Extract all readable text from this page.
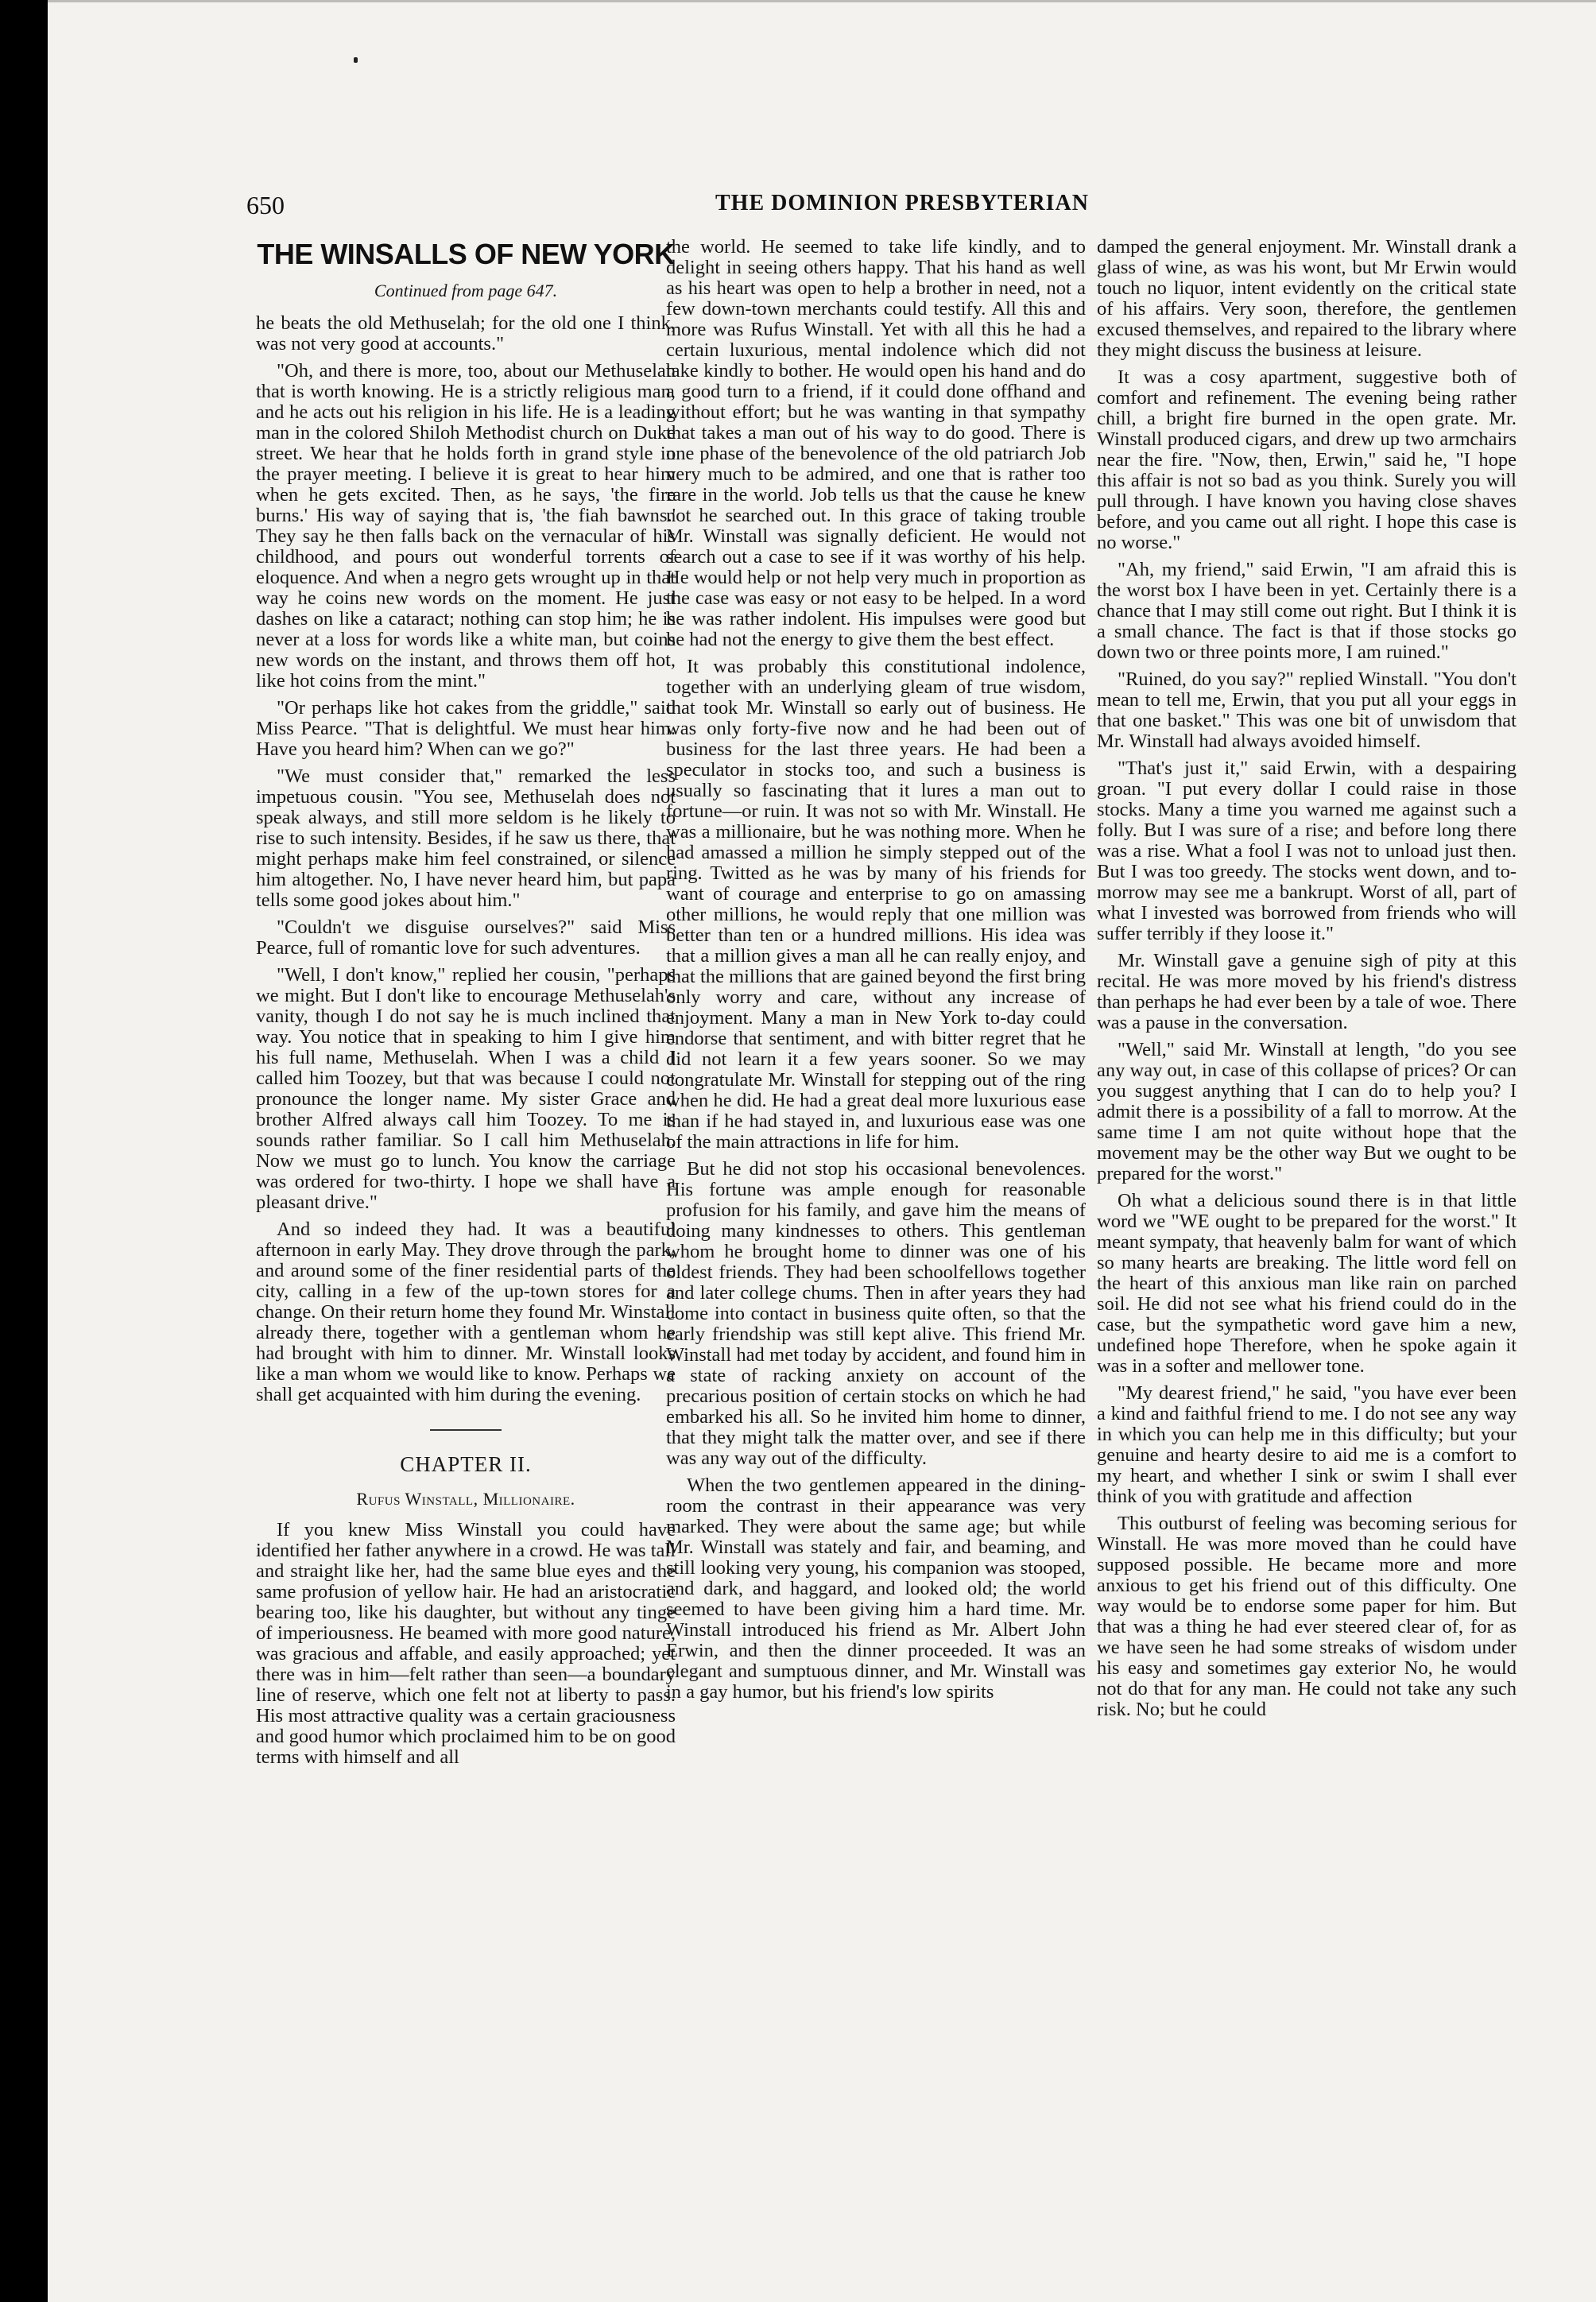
650	THE DOMINION PRESBYTERIAN
THE WINSALLS OF NEW YORK
Continued from page 647.

he beats the old Methuselah; for the old one I think, was not very good at accounts."

"Oh, and there is more, too, about our Methuselah that is worth knowing. He is a strictly religious man, and he acts out his religion in his life. He is a leading man in the colored Shiloh Methodist church on Duke street. We hear that he holds forth in grand style in the prayer meeting. I believe it is great to hear him when he gets excited. Then, as he says, 'the fire burns.' His way of saying that is, 'the fiah bawns.' They say he then falls back on the vernacular of his childhood, and pours out wonderful torrents of eloquence. And when a negro gets wrought up in that way he coins new words on the moment. He just dashes on like a cataract; nothing can stop him; he is never at a loss for words like a white man, but coins new words on the instant, and throws them off hot, like hot coins from the mint."

"Or perhaps like hot cakes from the griddle," said Miss Pearce. "That is delightful. We must hear him. Have you heard him? When can we go?"

"We must consider that," remarked the less impetuous cousin. "You see, Methuselah does not speak always, and still more seldom is he likely to rise to such intensity. Besides, if he saw us there, that might perhaps make him feel constrained, or silence him altogether. No, I have never heard him, but papa tells some good jokes about him."

"Couldn't we disguise ourselves?" said Miss Pearce, full of romantic love for such adventures.

"Well, I don't know," replied her cousin, "perhaps we might. But I don't like to encourage Methuselah's vanity, though I do not say he is much inclined that way. You notice that in speaking to him I give him his full name, Methuselah. When I was a child I called him Toozey, but that was because I could not pronounce the longer name. My sister Grace and brother Alfred always call him Toozey. To me is sounds rather familiar. So I call him Methuselah. Now we must go to lunch. You know the carriage was ordered for two-thirty. I hope we shall have a pleasant drive."

And so indeed they had. It was a beautiful afternoon in early May. They drove through the park, and around some of the finer residential parts of the city, calling in a few of the up-town stores for a change. On their return home they found Mr. Winstall already there, together with a gentleman whom he had brought with him to dinner. Mr. Winstall looks like a man whom we would like to know. Perhaps we shall get acquainted with him during the evening.

CHAPTER II.
Rufus Winstall, Millionaire.

If you knew Miss Winstall you could have identified her father anywhere in a crowd. He was tall and straight like her, had the same blue eyes and the same profusion of yellow hair. He had an aristocratic bearing too, like his daughter, but without any tinge of imperiousness. He beamed with more good nature, was gracious and affable, and easily approached; yet there was in him—felt rather than seen—a boundary line of reserve, which one felt not at liberty to pass. His most attractive quality was a certain graciousness and good humor which proclaimed him to be on good terms with himself and all

the world. He seemed to take life kindly, and to delight in seeing others happy. That his hand as well as his heart was open to help a brother in need, not a few down-town merchants could testify. All this and more was Rufus Winstall. Yet with all this he had a certain luxurious, mental indolence which did not take kindly to bother. He would open his hand and do a good turn to a friend, if it could done offhand and without effort; but he was wanting in that sympathy that takes a man out of his way to do good. There is one phase of the benevolence of the old patriarch Job very much to be admired, and one that is rather too rare in the world. Job tells us that the cause he knew not he searched out. In this grace of taking trouble Mr. Winstall was signally deficient. He would not search out a case to see if it was worthy of his help. He would help or not help very much in proportion as the case was easy or not easy to be helped. In a word he was rather indolent. His impulses were good but he had not the energy to give them the best effect.

It was probably this constitutional indolence, together with an underlying gleam of true wisdom, that took Mr. Winstall so early out of business. He was only forty-five now and he had been out of business for the last three years. He had been a speculator in stocks too, and such a business is usually so fascinating that it lures a man out to fortune—or ruin. It was not so with Mr. Winstall. He was a millionaire, but he was nothing more. When he had amassed a million he simply stepped out of the ring. Twitted as he was by many of his friends for want of courage and enterprise to go on amassing other millions, he would reply that one million was better than ten or a hundred millions. His idea was that a million gives a man all he can really enjoy, and that the millions that are gained beyond the first bring only worry and care, without any increase of enjoyment. Many a man in New York to-day could endorse that sentiment, and with bitter regret that he did not learn it a few years sooner. So we may congratulate Mr. Winstall for stepping out of the ring when he did. He had a great deal more luxurious ease than if he had stayed in, and luxurious ease was one of the main attractions in life for him.

But he did not stop his occasional benevolences. His fortune was ample enough for reasonable profusion for his family, and gave him the means of doing many kindnesses to others. This gentleman whom he brought home to dinner was one of his oldest friends. They had been schoolfellows together and later college chums. Then in after years they had come into contact in business quite often, so that the early friendship was still kept alive. This friend Mr. Winstall had met today by accident, and found him in a state of racking anxiety on account of the precarious position of certain stocks on which he had embarked his all. So he invited him home to dinner, that they might talk the matter over, and see if there was any way out of the difficulty.

When the two gentlemen appeared in the dining-room the contrast in their appearance was very marked. They were about the same age; but while Mr. Winstall was stately and fair, and beaming, and still looking very young, his companion was stooped, and dark, and haggard, and looked old; the world seemed to have been giving him a hard time. Mr. Winstall introduced his friend as Mr. Albert John Erwin, and then the dinner proceeded. It was an elegant and sumptuous dinner, and Mr. Winstall was in a gay humor, but his friend's low spirits

damped the general enjoyment. Mr. Winstall drank a glass of wine, as was his wont, but Mr Erwin would touch no liquor, intent evidently on the critical state of his affairs. Very soon, therefore, the gentlemen excused themselves, and repaired to the library where they might discuss the business at leisure.

It was a cosy apartment, suggestive both of comfort and refinement. The evening being rather chill, a bright fire burned in the open grate. Mr. Winstall produced cigars, and drew up two armchairs near the fire. "Now, then, Erwin," said he, "I hope this affair is not so bad as you think. Surely you will pull through. I have known you having close shaves before, and you came out all right. I hope this case is no worse."

"Ah, my friend," said Erwin, "I am afraid this is the worst box I have been in yet. Certainly there is a chance that I may still come out right. But I think it is a small chance. The fact is that if those stocks go down two or three points more, I am ruined."

"Ruined, do you say?" replied Winstall. "You don't mean to tell me, Erwin, that you put all your eggs in that one basket." This was one bit of unwisdom that Mr. Winstall had always avoided himself.

"That's just it," said Erwin, with a despairing groan. "I put every dollar I could raise in those stocks. Many a time you warned me against such a folly. But I was sure of a rise; and before long there was a rise. What a fool I was not to unload just then. But I was too greedy. The stocks went down, and to-morrow may see me a bankrupt. Worst of all, part of what I invested was borrowed from friends who will suffer terribly if they loose it."

Mr. Winstall gave a genuine sigh of pity at this recital. He was more moved by his friend's distress than perhaps he had ever been by a tale of woe. There was a pause in the conversation.

"Well," said Mr. Winstall at length, "do you see any way out, in case of this collapse of prices? Or can you suggest anything that I can do to help you? I admit there is a possibility of a fall to morrow. At the same time I am not quite without hope that the movement may be the other way But we ought to be prepared for the worst."

Oh what a delicious sound there is in that little word we "WE ought to be prepared for the worst." It meant sympaty, that heavenly balm for want of which so many hearts are breaking. The little word fell on the heart of this anxious man like rain on parched soil. He did not see what his friend could do in the case, but the sympathetic word gave him a new, undefined hope Therefore, when he spoke again it was in a softer and mellower tone.

"My dearest friend," he said, "you have ever been a kind and faithful friend to me. I do not see any way in which you can help me in this difficulty; but your genuine and hearty desire to aid me is a comfort to my heart, and whether I sink or swim I shall ever think of you with gratitude and affection

This outburst of feeling was becoming serious for Winstall. He was more moved than he could have supposed possible. He became more and more anxious to get his friend out of this difficulty. One way would be to endorse some paper for him. But that was a thing he had ever steered clear of, for as we have seen he had some streaks of wisdom under his easy and sometimes gay exterior No, he would not do that for any man. He could not take any such risk. No; but he could
